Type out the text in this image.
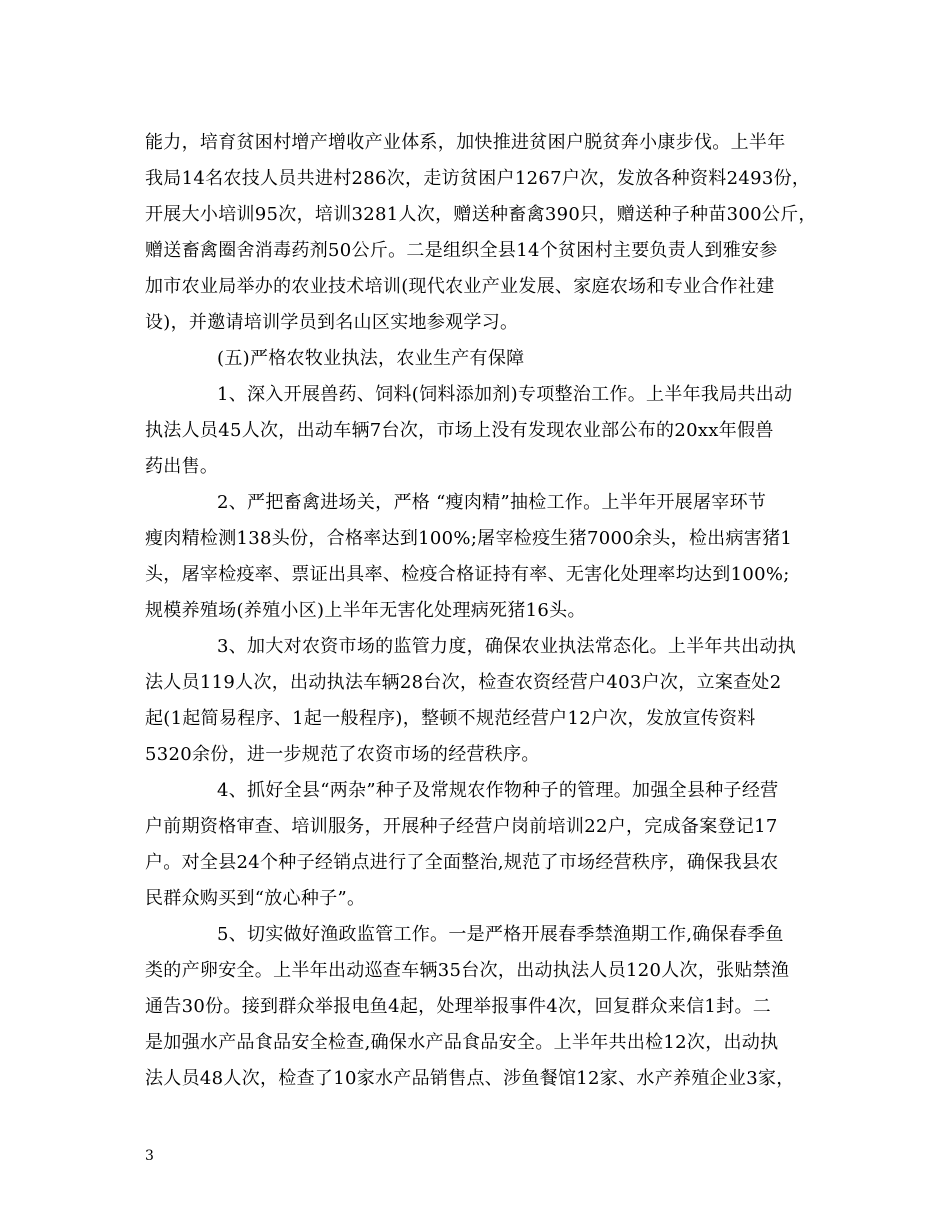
能力，培育贫困村增产增收产业体系，加快推进贫困户脱贫奔小康步伐。上半年
我局14名农技人员共进村286次，走访贫困户1267户次，发放各种资料2493份，
开展大小培训95次，培训3281人次，赠送种畜禽390只，赠送种子种苗300公斤，
赠送畜禽圈舍消毒药剂50公斤。二是组织全县14个贫困村主要负责人到雅安参
加市农业局举办的农业技术培训(现代农业产业发展、家庭农场和专业合作社建
设)，并邀请培训学员到名山区实地参观学习。
(五)严格农牧业执法，农业生产有保障
1、深入开展兽药、饲料(饲料添加剂)专项整治工作。上半年我局共出动
执法人员45人次，出动车辆7台次，市场上没有发现农业部公布的20xx年假兽
药出售。
2、严把畜禽进场关，严格 “瘦肉精”抽检工作。上半年开展屠宰环节
瘦肉精检测138头份，合格率达到100%;屠宰检疫生猪7000余头，检出病害猪1
头，屠宰检疫率、票证出具率、检疫合格证持有率、无害化处理率均达到100%;
规模养殖场(养殖小区)上半年无害化处理病死猪16头。
3、加大对农资市场的监管力度，确保农业执法常态化。上半年共出动执
法人员119人次，出动执法车辆28台次，检查农资经营户403户次，立案查处2
起(1起简易程序、1起一般程序)，整顿不规范经营户12户次，发放宣传资料
5320余份，进一步规范了农资市场的经营秩序。
4、抓好全县“两杂”种子及常规农作物种子的管理。加强全县种子经营
户前期资格审查、培训服务，开展种子经营户岗前培训22户，完成备案登记17
户。对全县24个种子经销点进行了全面整治,规范了市场经营秩序，确保我县农
民群众购买到“放心种子”。
5、切实做好渔政监管工作。一是严格开展春季禁渔期工作,确保春季鱼
类的产卵安全。上半年出动巡查车辆35台次，出动执法人员120人次，张贴禁渔
通告30份。接到群众举报电鱼4起，处理举报事件4次，回复群众来信1封。二
是加强水产品食品安全检查,确保水产品食品安全。上半年共出检12次，出动执
法人员48人次，检查了10家水产品销售点、涉鱼餐馆12家、水产养殖企业3家，
3
